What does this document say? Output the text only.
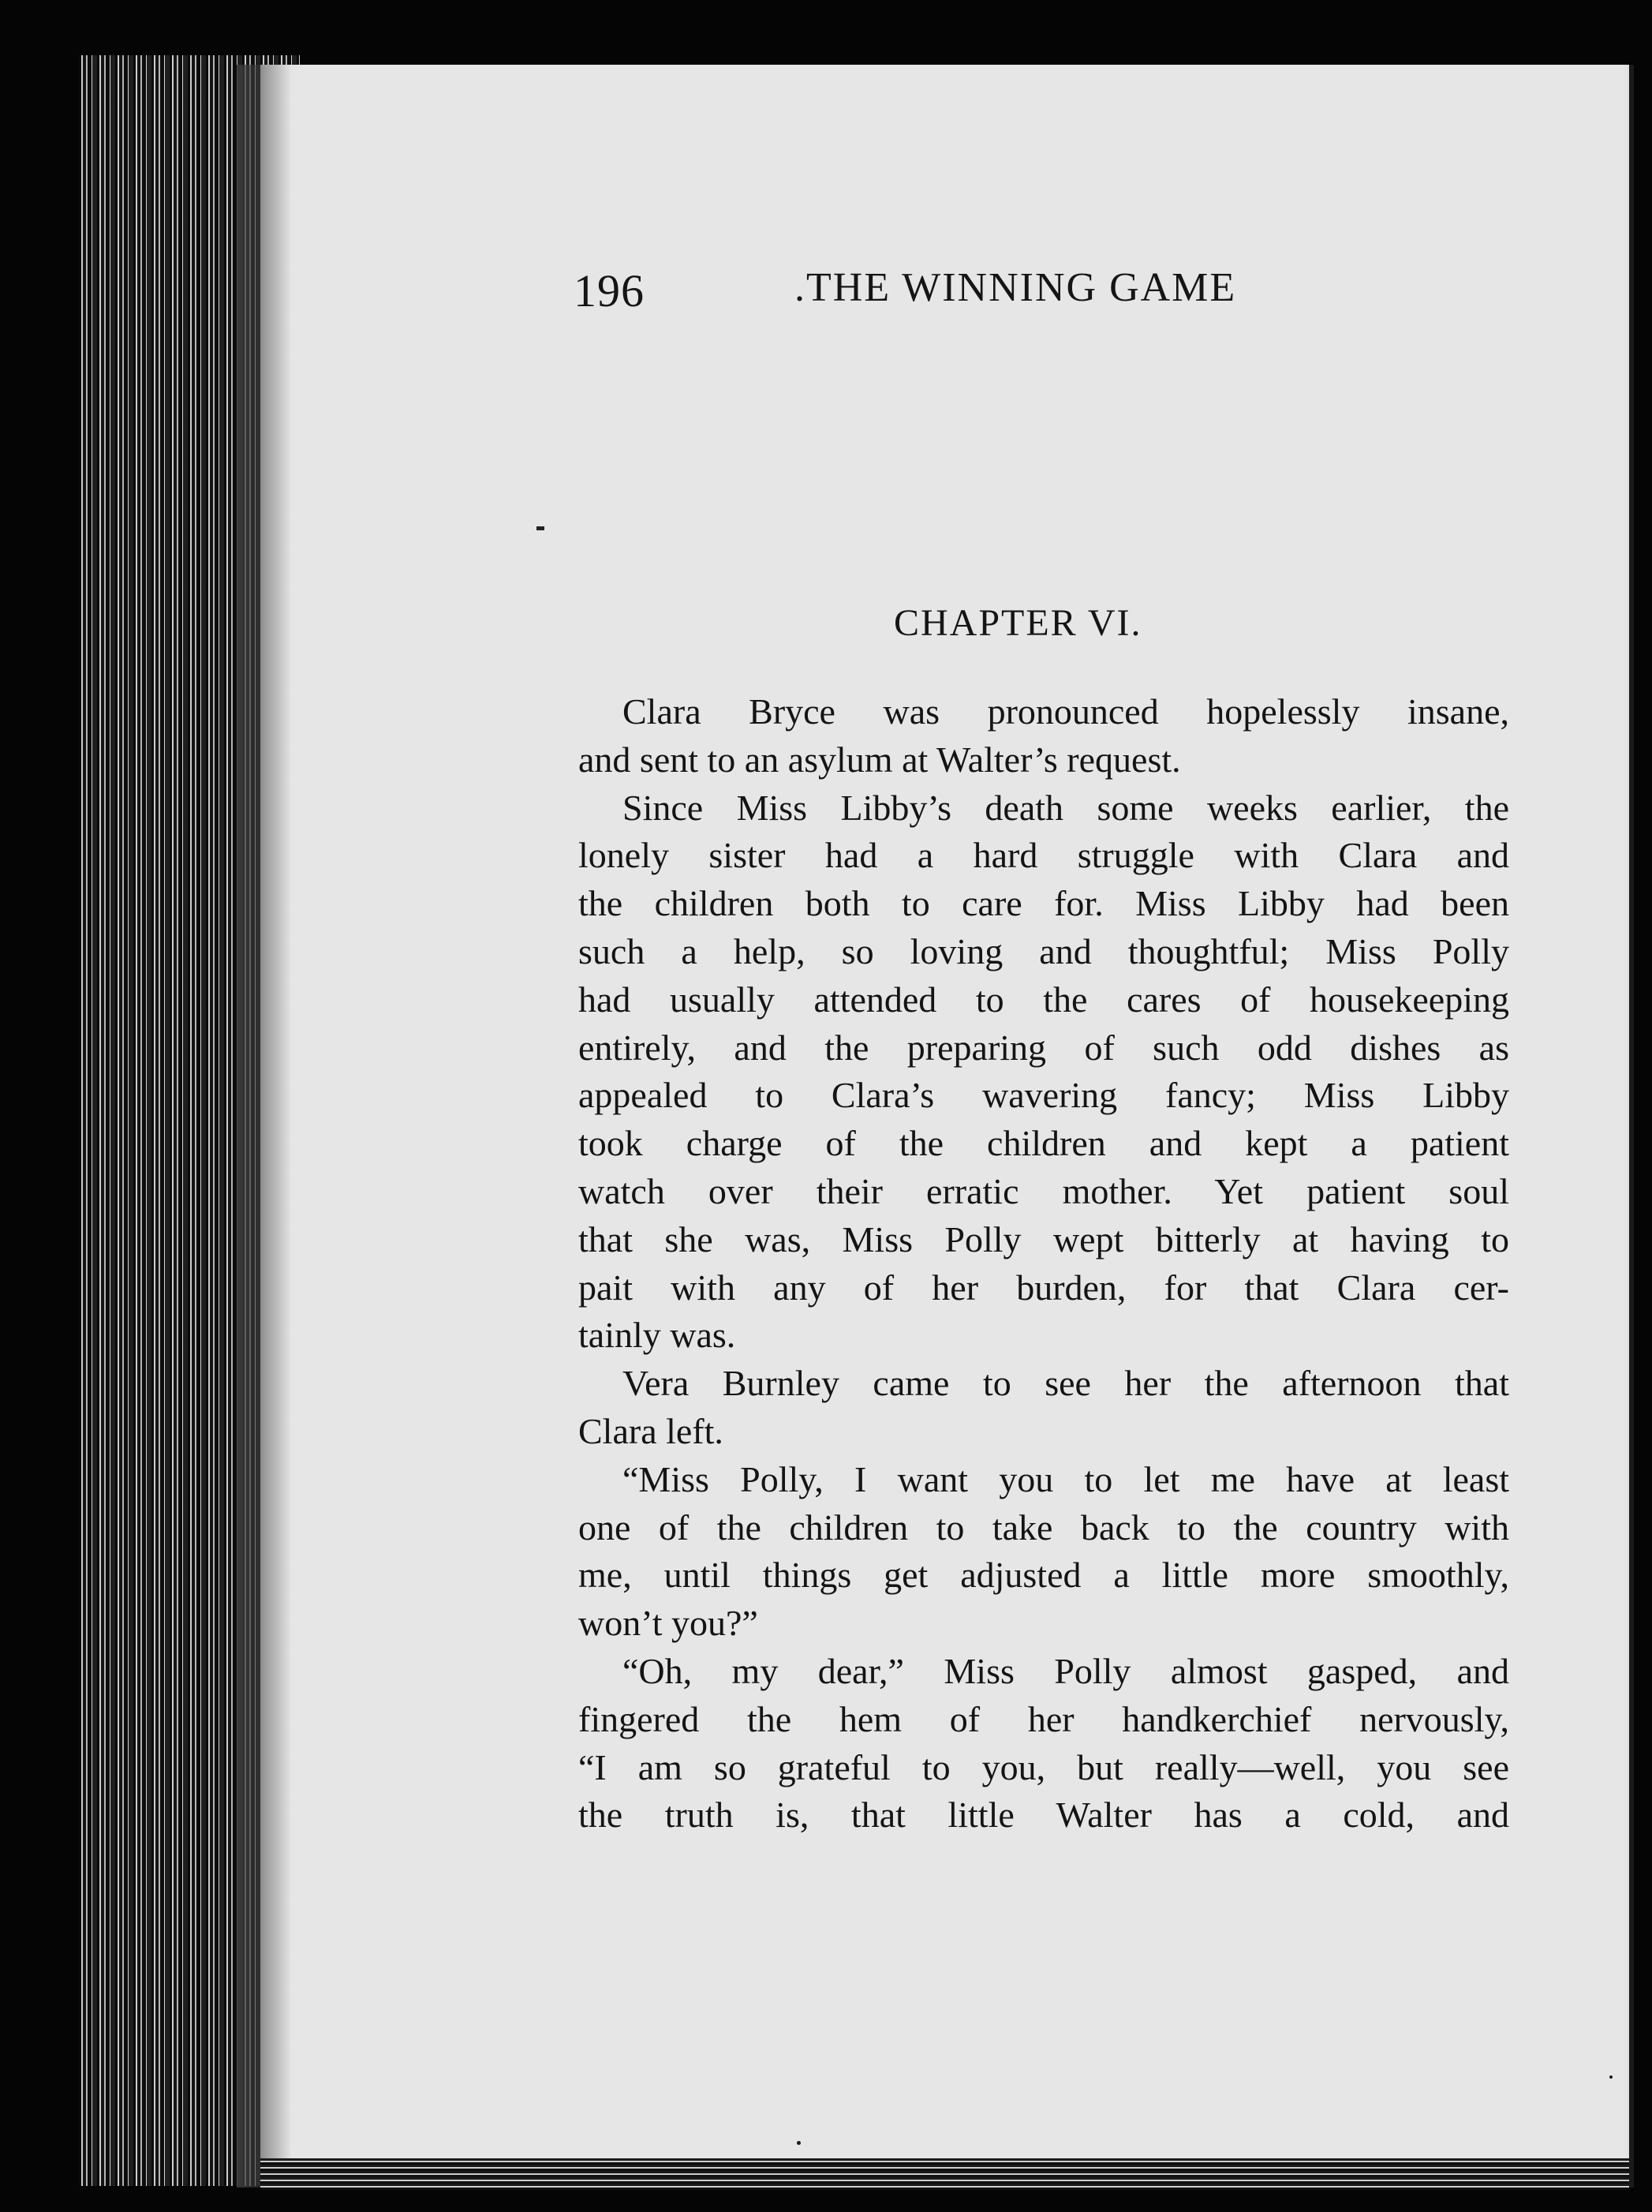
196	.THE WINNING GAME
CHAPTER VI.
Clara Bryce was pronounced hopelessly insane,
and sent to an asylum at Walter’s request.
Since Miss Libby’s death some weeks earlier, the
lonely sister had a hard struggle with Clara and
the children both to care for. Miss Libby had been
such a help, so loving and thoughtful; Miss Polly
had usually attended to the cares of housekeeping
entirely, and the preparing of such odd dishes as
appealed to Clara’s wavering fancy; Miss Libby
took charge of the children and kept a patient
watch over their erratic mother. Yet patient soul
that she was, Miss Polly wept bitterly at having to
pait with any of her burden, for that Clara cer-
tainly was.
Vera Burnley came to see her the afternoon that
Clara left.
“Miss Polly, I want you to let me have at least
one of the children to take back to the country with
me, until things get adjusted a little more smoothly,
won’t you?”
“Oh, my dear,” Miss Polly almost gasped, and
fingered the hem of her handkerchief nervously,
“I am so grateful to you, but really—well, you see
the truth is, that little Walter has a cold, and
